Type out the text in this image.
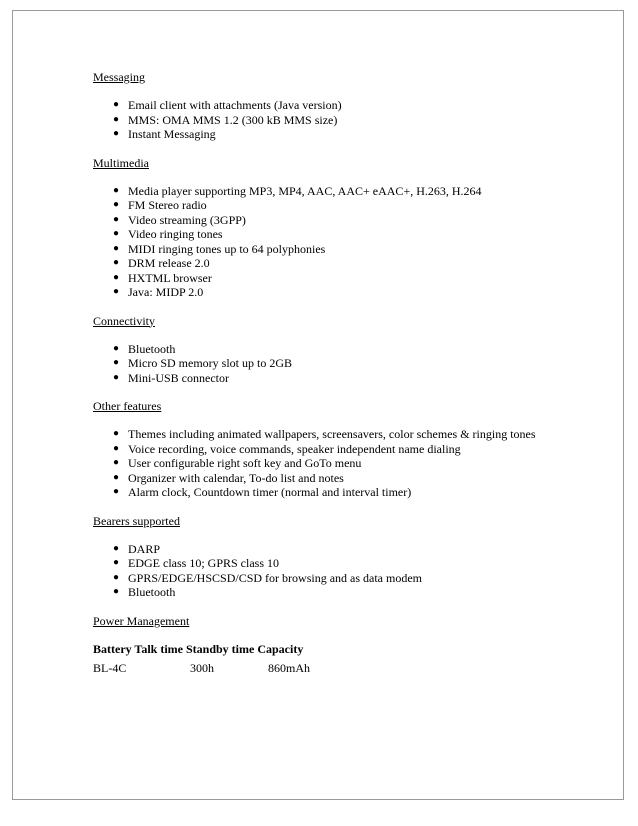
Messaging
● Email client with attachments (Java version)
● MMS: OMA MMS 1.2 (300 kB MMS size)
● Instant Messaging
Multimedia
● Media player supporting MP3, MP4, AAC, AAC+ eAAC+, H.263, H.264
● FM Stereo radio
● Video streaming (3GPP)
● Video ringing tones
● MIDI ringing tones up to 64 polyphonies
● DRM release 2.0
● HXTML browser
● Java: MIDP 2.0
Connectivity
● Bluetooth
● Micro SD memory slot up to 2GB
● Mini-USB connector
Other features
● Themes including animated wallpapers, screensavers, color schemes & ringing tones
● Voice recording, voice commands, speaker independent name dialing
● User configurable right soft key and GoTo menu
● Organizer with calendar, To-do list and notes
● Alarm clock, Countdown timer (normal and interval timer)
Bearers supported
● DARP
● EDGE class 10; GPRS class 10
● GPRS/EDGE/HSCSD/CSD for browsing and as data modem
● Bluetooth
Power Management
Battery Talk time Standby time Capacity
BL-4C	300h	860mAh
